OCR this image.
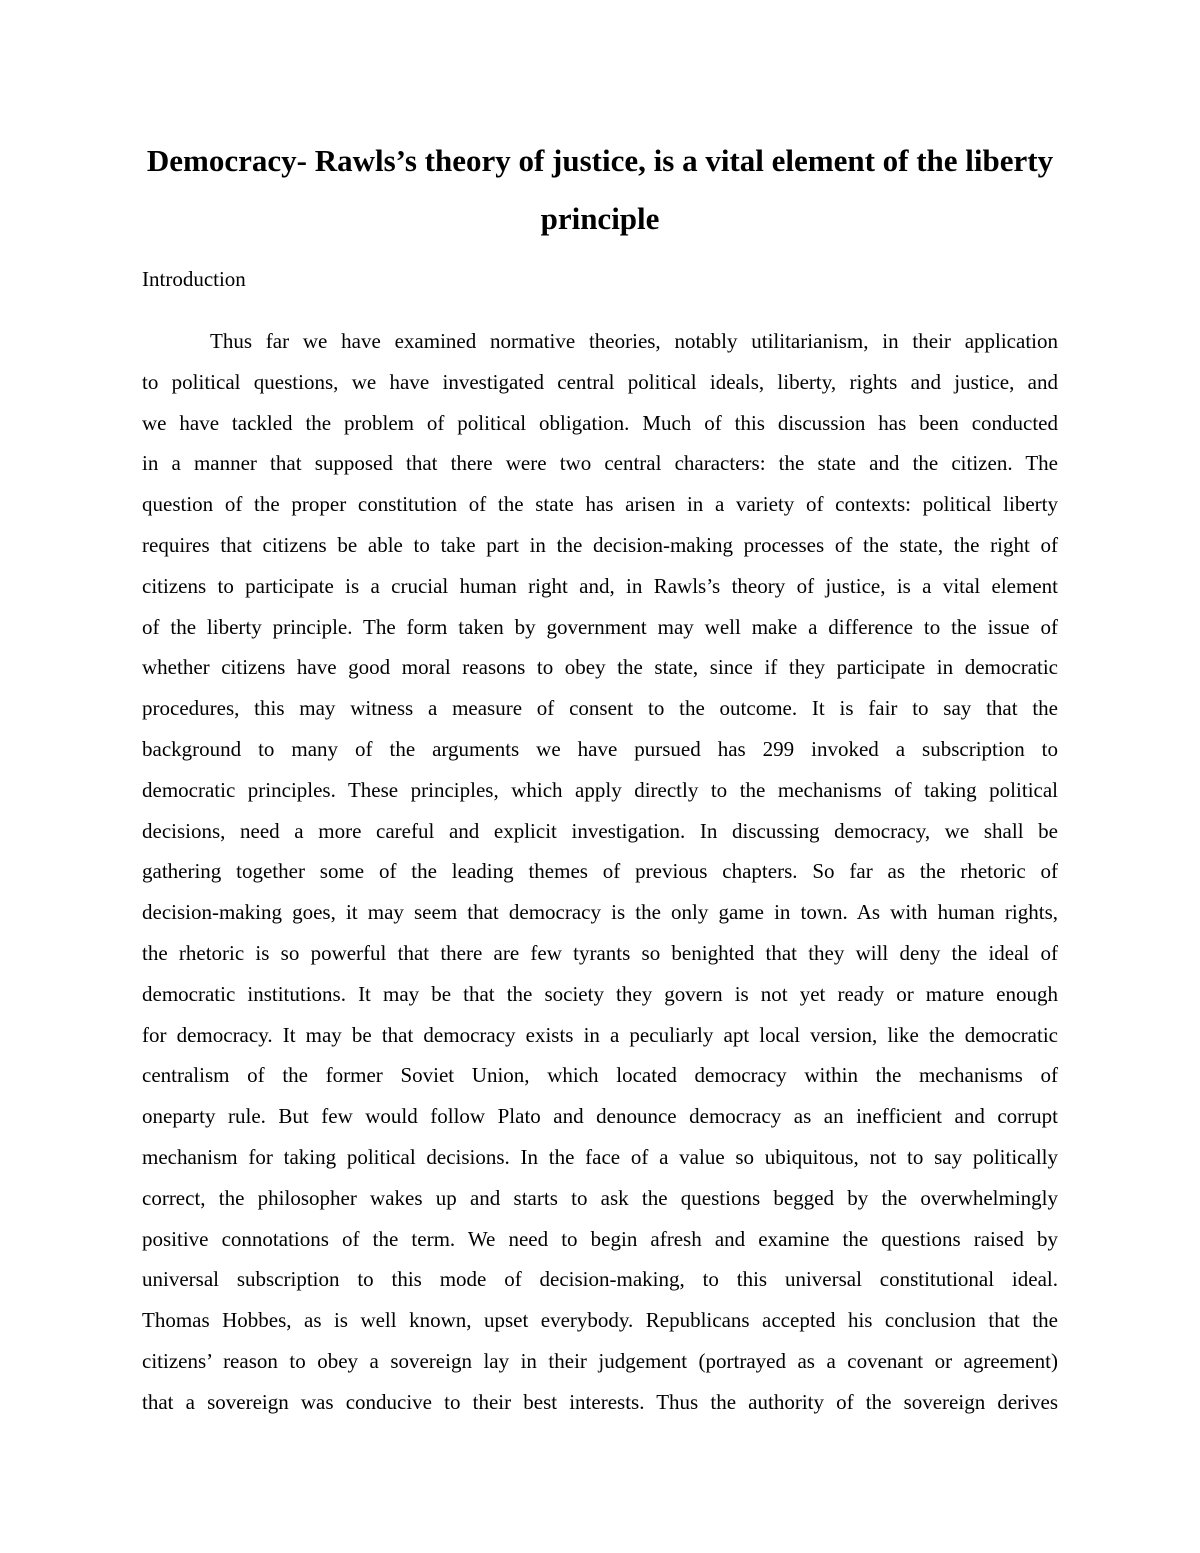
Democracy- Rawls’s theory of justice, is a vital element of the liberty
principle

Introduction

Thus far we have examined normative theories, notably utilitarianism, in their application
to political questions, we have investigated central political ideals, liberty, rights and justice, and
we have tackled the problem of political obligation. Much of this discussion has been conducted
in a manner that supposed that there were two central characters: the state and the citizen. The
question of the proper constitution of the state has arisen in a variety of contexts: political liberty
requires that citizens be able to take part in the decision-making processes of the state, the right of
citizens to participate is a crucial human right and, in Rawls’s theory of justice, is a vital element
of the liberty principle. The form taken by government may well make a difference to the issue of
whether citizens have good moral reasons to obey the state, since if they participate in democratic
procedures, this may witness a measure of consent to the outcome. It is fair to say that the
background to many of the arguments we have pursued has 299 invoked a subscription to
democratic principles. These principles, which apply directly to the mechanisms of taking political
decisions, need a more careful and explicit investigation. In discussing democracy, we shall be
gathering together some of the leading themes of previous chapters. So far as the rhetoric of
decision-making goes, it may seem that democracy is the only game in town. As with human rights,
the rhetoric is so powerful that there are few tyrants so benighted that they will deny the ideal of
democratic institutions. It may be that the society they govern is not yet ready or mature enough
for democracy. It may be that democracy exists in a peculiarly apt local version, like the democratic
centralism of the former Soviet Union, which located democracy within the mechanisms of
oneparty rule. But few would follow Plato and denounce democracy as an inefficient and corrupt
mechanism for taking political decisions. In the face of a value so ubiquitous, not to say politically
correct, the philosopher wakes up and starts to ask the questions begged by the overwhelmingly
positive connotations of the term. We need to begin afresh and examine the questions raised by
universal subscription to this mode of decision-making, to this universal constitutional ideal.
Thomas Hobbes, as is well known, upset everybody. Republicans accepted his conclusion that the
citizens’ reason to obey a sovereign lay in their judgement (portrayed as a covenant or agreement)
that a sovereign was conducive to their best interests. Thus the authority of the sovereign derives
